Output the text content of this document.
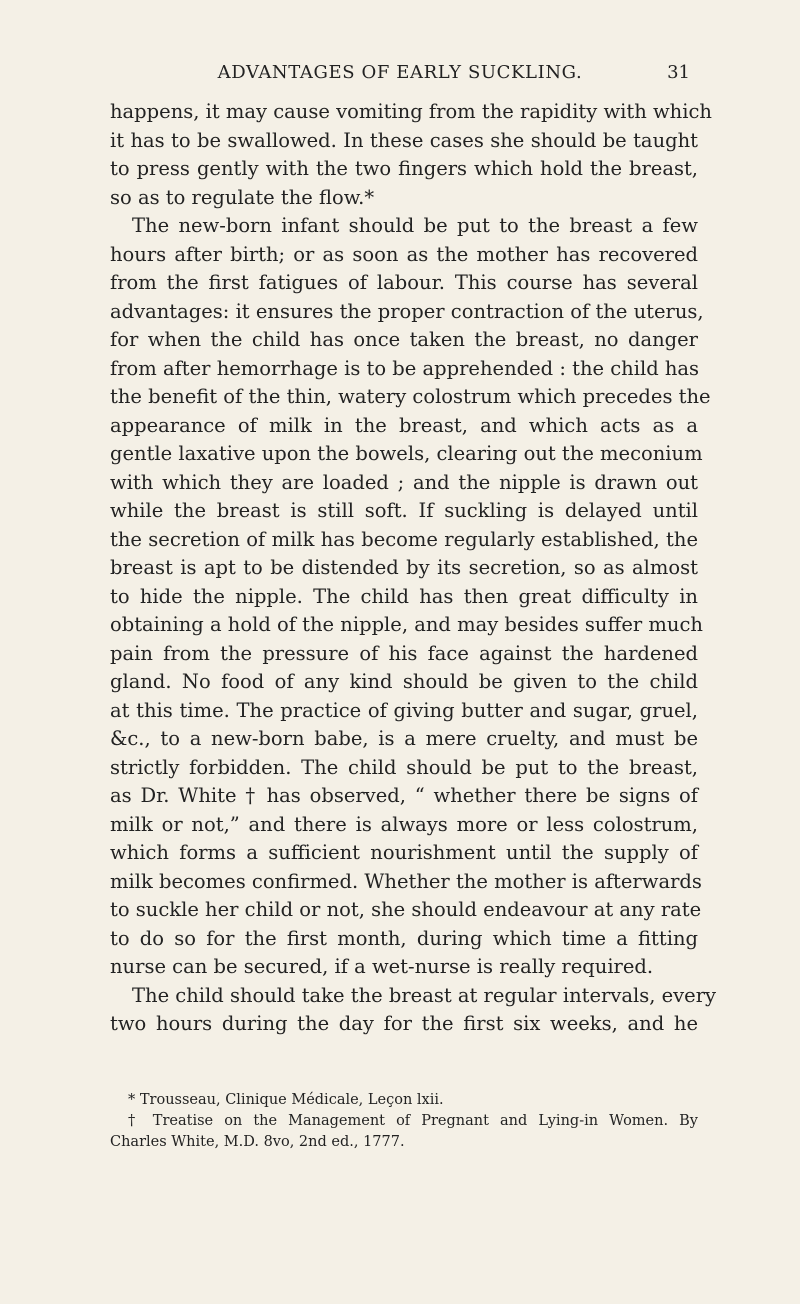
ADVANTAGES OF EARLY SUCKLING.	31
happens, it may cause vomiting from the rapidity with which
it has to be swallowed. In these cases she should be taught
to press gently with the two fingers which hold the breast,
so as to regulate the flow.*
The new-born infant should be put to the breast a few
hours after birth; or as soon as the mother has recovered
from the first fatigues of labour. This course has several
advantages: it ensures the proper contraction of the uterus,
for when the child has once taken the breast, no danger
from after hemorrhage is to be apprehended : the child has
the benefit of the thin, watery colostrum which precedes the
appearance of milk in the breast, and which acts as a
gentle laxative upon the bowels, clearing out the meconium
with which they are loaded ; and the nipple is drawn out
while the breast is still soft. If suckling is delayed until
the secretion of milk has become regularly established, the
breast is apt to be distended by its secretion, so as almost
to hide the nipple. The child has then great difficulty in
obtaining a hold of the nipple, and may besides suffer much
pain from the pressure of his face against the hardened
gland. No food of any kind should be given to the child
at this time. The practice of giving butter and sugar, gruel,
&c., to a new-born babe, is a mere cruelty, and must be
strictly forbidden. The child should be put to the breast,
as Dr. White † has observed, “ whether there be signs of
milk or not,” and there is always more or less colostrum,
which forms a sufficient nourishment until the supply of
milk becomes confirmed. Whether the mother is afterwards
to suckle her child or not, she should endeavour at any rate
to do so for the first month, during which time a fitting
nurse can be secured, if a wet-nurse is really required.
The child should take the breast at regular intervals, every
two hours during the day for the first six weeks, and he
* Trousseau, Clinique Médicale, Leçon lxii.
† Treatise on the Management of Pregnant and Lying-in Women. By
Charles White, M.D. 8vo, 2nd ed., 1777.
